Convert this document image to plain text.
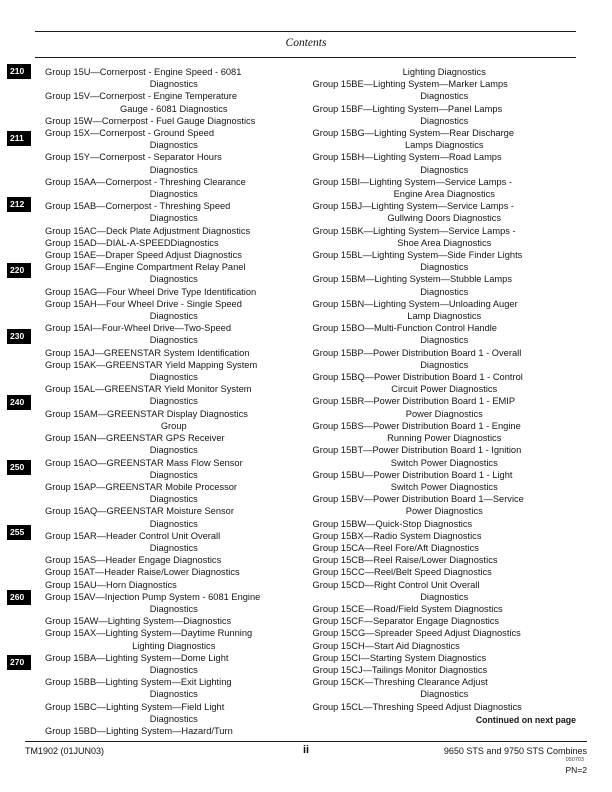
210
211
212
220
230
240
250
255
260
270
Contents
Group 15U—Cornerpost - Engine Speed - 6081
Diagnostics
Group 15V—Cornerpost - Engine Temperature
Gauge - 6081 Diagnostics
Group 15W—Cornerpost - Fuel Gauge Diagnostics
Group 15X—Cornerpost - Ground Speed
Diagnostics
Group 15Y—Cornerpost - Separator Hours
Diagnostics
Group 15AA—Cornerpost - Threshing Clearance
Diagnostics
Group 15AB—Cornerpost - Threshing Speed
Diagnostics
Group 15AC—Deck Plate Adjustment Diagnostics
Group 15AD—DIAL-A-SPEEDDiagnostics
Group 15AE—Draper Speed Adjust Diagnostics
Group 15AF—Engine Compartment Relay Panel
Diagnostics
Group 15AG—Four Wheel Drive Type Identification
Group 15AH—Four Wheel Drive - Single Speed
Diagnostics
Group 15AI—Four-Wheel Drive—Two-Speed
Diagnostics
Group 15AJ—GREENSTAR System Identification
Group 15AK—GREENSTAR Yield Mapping System
Diagnostics
Group 15AL—GREENSTAR Yield Monitor System
Diagnostics
Group 15AM—GREENSTAR Display Diagnostics
Group
Group 15AN—GREENSTAR GPS Receiver
Diagnostics
Group 15AO—GREENSTAR Mass Flow Sensor
Diagnostics
Group 15AP—GREENSTAR Mobile Processor
Diagnostics
Group 15AQ—GREENSTAR Moisture Sensor
Diagnostics
Group 15AR—Header Control Unit Overall
Diagnostics
Group 15AS—Header Engage Diagnostics
Group 15AT—Header Raise/Lower Diagnostics
Group 15AU—Horn Diagnostics
Group 15AV—Injection Pump System - 6081 Engine
Diagnostics
Group 15AW—Lighting System—Diagnostics
Group 15AX—Lighting System—Daytime Running
Lighting Diagnostics
Group 15BA—Lighting System—Dome Light
Diagnostics
Group 15BB—Lighting System—Exit Lighting
Diagnostics
Group 15BC—Lighting System—Field Light
Diagnostics
Group 15BD—Lighting System—Hazard/Turn
Lighting Diagnostics
Group 15BE—Lighting System—Marker Lamps
Diagnostics
Group 15BF—Lighting System—Panel Lamps
Diagnostics
Group 15BG—Lighting System—Rear Discharge
Lamps Diagnostics
Group 15BH—Lighting System—Road Lamps
Diagnostics
Group 15BI—Lighting System—Service Lamps -
Engine Area Diagnostics
Group 15BJ—Lighting System—Service Lamps -
Gullwing Doors Diagnostics
Group 15BK—Lighting System—Service Lamps -
Shoe Area Diagnostics
Group 15BL—Lighting System—Side Finder Lights
Diagnostics
Group 15BM—Lighting System—Stubble Lamps
Diagnostics
Group 15BN—Lighting System—Unloading Auger
Lamp Diagnostics
Group 15BO—Multi-Function Control Handle
Diagnostics
Group 15BP—Power Distribution Board 1 - Overall
Diagnostics
Group 15BQ—Power Distribution Board 1 - Control
Circuit Power Diagnostics
Group 15BR—Power Distribution Board 1 - EMIP
Power Diagnostics
Group 15BS—Power Distribution Board 1 - Engine
Running Power Diagnostics
Group 15BT—Power Distribution Board 1 - Ignition
Switch Power Diagnostics
Group 15BU—Power Distribution Board 1 - Light
Switch Power Diagnostics
Group 15BV—Power Distribution Board 1—Service
Power Diagnostics
Group 15BW—Quick-Stop Diagnostics
Group 15BX—Radio System Diagnostics
Group 15CA—Reel Fore/Aft Diagnostics
Group 15CB—Reel Raise/Lower Diagnostics
Group 15CC—Reel/Belt Speed Diagnostics
Group 15CD—Right Control Unit Overall
Diagnostics
Group 15CE—Road/Field System Diagnostics
Group 15CF—Separator Engage Diagnostics
Group 15CG—Spreader Speed Adjust Diagnostics
Group 15CH—Start Aid Diagnostics
Group 15CI—Starting System Diagnostics
Group 15CJ—Tailings Monitor Diagnostics
Group 15CK—Threshing Clearance Adjust
Diagnostics
Group 15CL—Threshing Speed Adjust Diagnostics
Continued on next page
TM1902 (01JUN03)	ii	9650 STS and 9750 STS Combines
050703
PN=2
